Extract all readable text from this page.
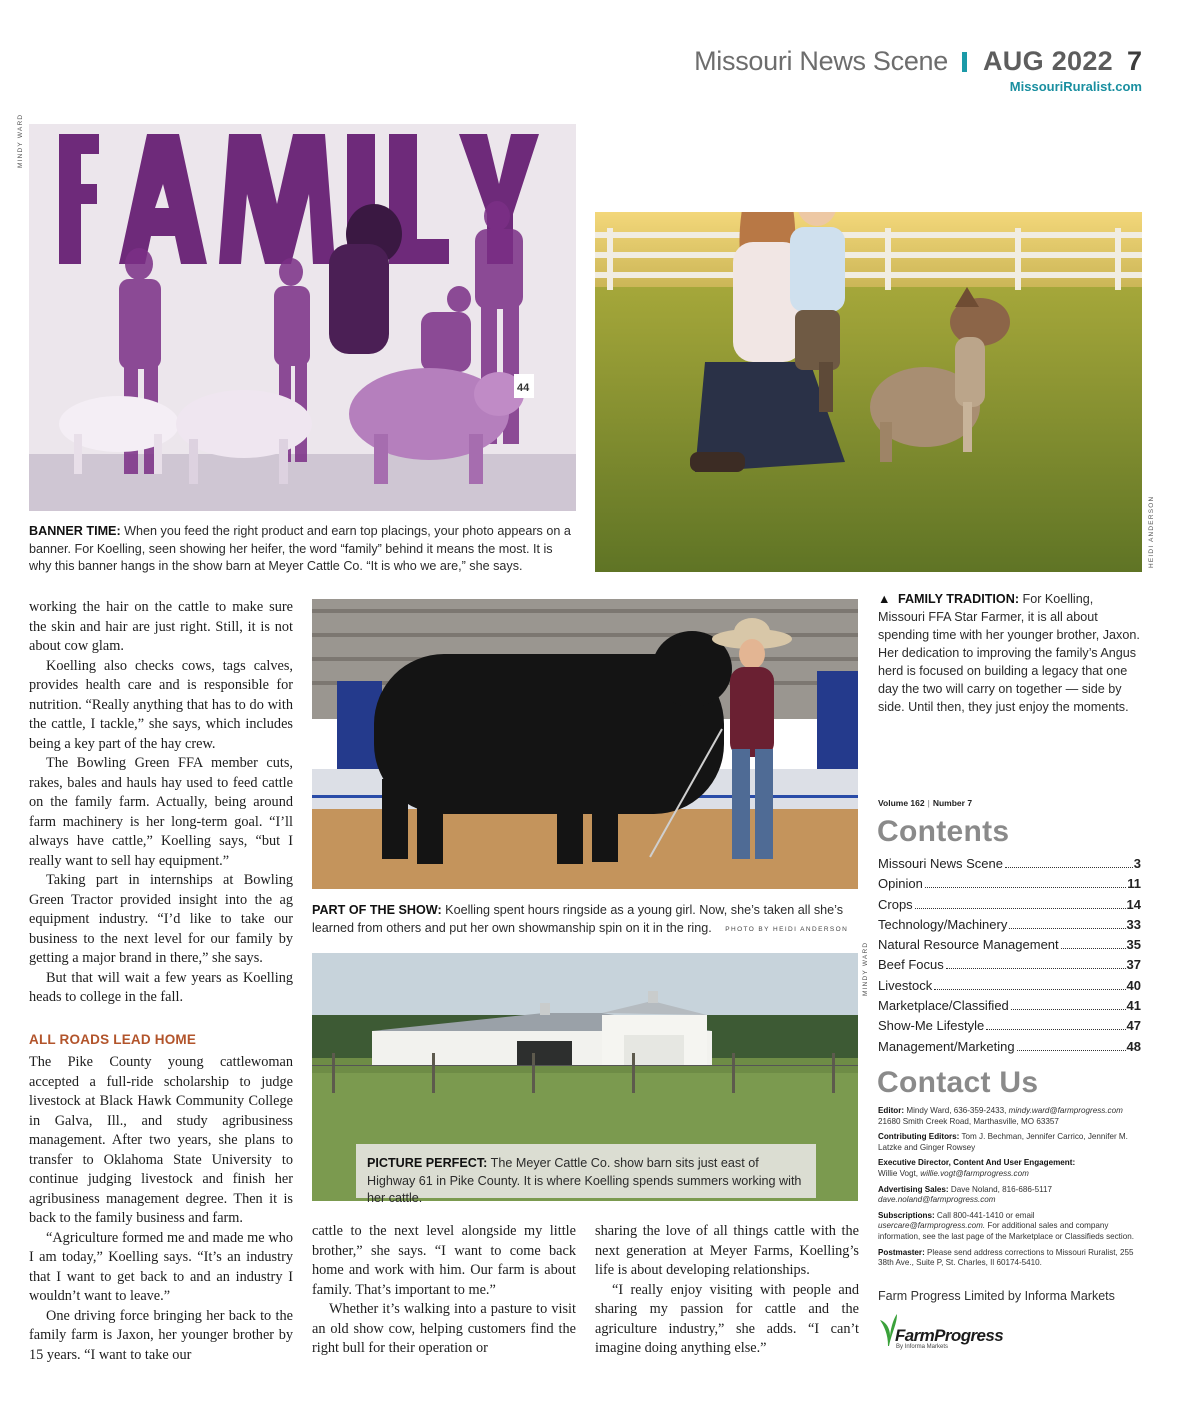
Missouri News Scene AUG 2022 7
MissouriRuralist.com
44
MINDY WARD
BANNER TIME: When you feed the right product and earn top placings, your photo appears on a banner. For Koelling, seen showing her heifer, the word “family” behind it means the most. It is why this banner hangs in the show barn at Meyer Cattle Co. “It is who we are,” she says.	HEIDI ANDERSON
▲ FAMILY TRADITION: For Koelling, Missouri FFA Star Farmer, it is all about spending time with her younger brother, Jaxon. Her dedication to improving the family’s Angus herd is focused on building a legacy that one day the two will carry on together — side by side. Until then, they just enjoy the moments.
PART OF THE SHOW: Koelling spent hours ringside as a young girl. Now, she’s taken all she’s learned from others and put her own showmanship spin on it in the ring. PHOTO BY HEIDI ANDERSON
MINDY WARD
PICTURE PERFECT: The Meyer Cattle Co. show barn sits just east of Highway 61 in Pike County. It is where Koelling spends summers working with her cattle.

working the hair on the cattle to make sure the skin and hair are just right. Still, it is not about cow glam.

Koelling also checks cows, tags calves, provides health care and is responsible for nutrition. “Really anything that has to do with the cattle, I tackle,” she says, which includes being a key part of the hay crew.

The Bowling Green FFA member cuts, rakes, bales and hauls hay used to feed cattle on the family farm. Actually, being around farm machinery is her long-term goal. “I’ll always have cattle,” Koelling says, “but I really want to sell hay equipment.”

Taking part in internships at Bowling Green Tractor provided insight into the ag equipment industry. “I’d like to take our business to the next level for our family by getting a major brand in there,” she says.

But that will wait a few years as Koelling heads to college in the fall.

ALL ROADS LEAD HOME

The Pike County young cattlewoman accepted a full-ride scholarship to judge livestock at Black Hawk Community College in Galva, Ill., and study agribusiness management. After two years, she plans to transfer to Oklahoma State University to continue judging livestock and finish her agribusiness management degree. Then it is back to the family business and farm.

“Agriculture formed me and made me who I am today,” Koelling says. “It’s an industry that I want to get back to and an industry I wouldn’t want to leave.”

One driving force bringing her back to the family farm is Jaxon, her younger brother by 15 years. “I want to take our

cattle to the next level alongside my little brother,” she says. “I want to come back home and work with him. Our farm is about family. That’s important to me.”

Whether it’s walking into a pasture to visit an old show cow, helping customers find the right bull for their operation or

sharing the love of all things cattle with the next generation at Meyer Farms, Koelling’s life is about developing relationships.

“I really enjoy visiting with people and sharing my passion for cattle and the agriculture industry,” she adds. “I can’t imagine doing anything else.”

Volume 162 | Number 7
Contents
Missouri News Scene	3
Opinion	11
Crops	14
Technology/Machinery	33
Natural Resource Management	35
Beef Focus	37
Livestock	40
Marketplace/Classified	41
Show-Me Lifestyle	47
Management/Marketing	48
Contact Us
Editor: Mindy Ward, 636-359-2433, mindy.ward@farmprogress.com
21680 Smith Creek Road, Marthasville, MO 63357
Contributing Editors: Tom J. Bechman, Jennifer Carrico, Jennifer M. Latzke and Ginger Rowsey
Executive Director, Content And User Engagement:
Willie Vogt, willie.vogt@farmprogress.com
Advertising Sales: Dave Noland, 816-686-5117
dave.noland@farmprogress.com
Subscriptions: Call 800-441-1410 or email usercare@farmprogress.com. For additional sales and company information, see the last page of the Marketplace or Classifieds section.
Postmaster: Please send address corrections to Missouri Ruralist, 255 38th Ave., Suite P, St. Charles, Il 60174-5410.
Farm Progress Limited by Informa Markets
FarmProgress
By Informa Markets
